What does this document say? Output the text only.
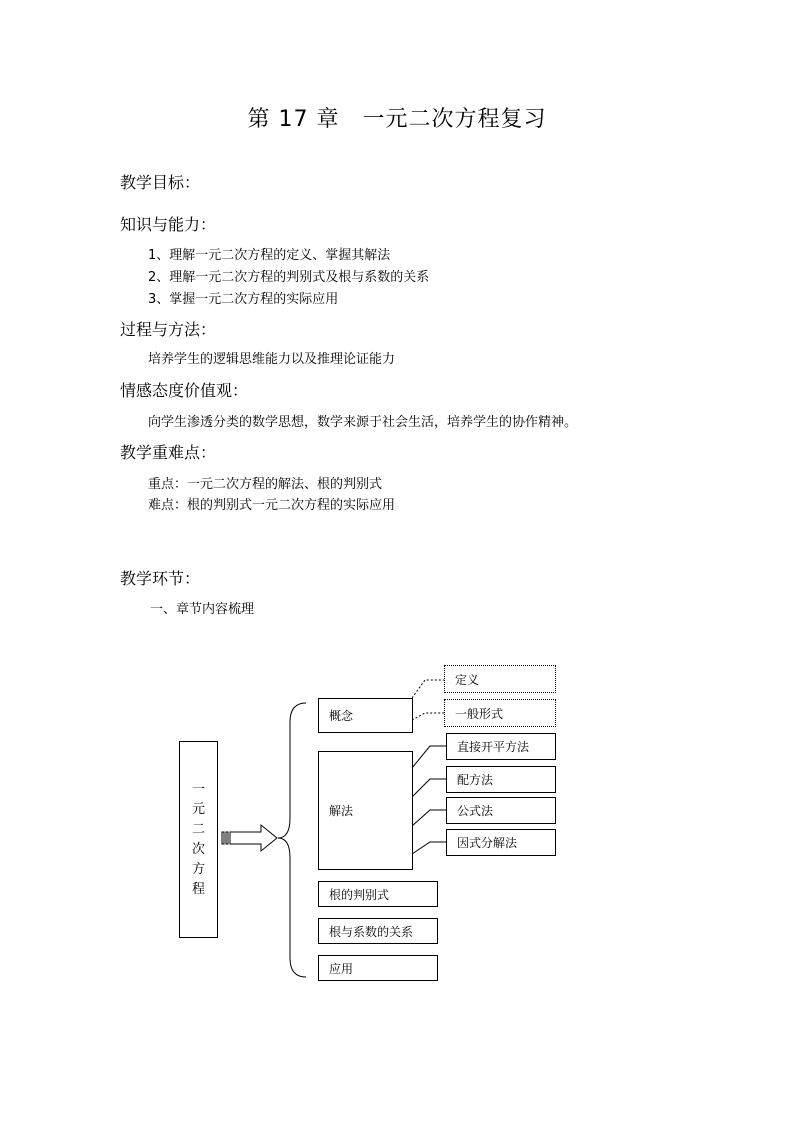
第 17 章　一元二次方程复习
教学目标：
知识与能力：
1、理解一元二次方程的定义、掌握其解法
2、理解一元二次方程的判别式及根与系数的关系
3、掌握一元二次方程的实际应用
过程与方法：
培养学生的逻辑思维能力以及推理论证能力
情感态度价值观：
向学生渗透分类的数学思想，数学来源于社会生活，培养学生的协作精神。
教学重难点：
重点：一元二次方程的解法、根的判别式
难点：根的判别式一元二次方程的实际应用
教学环节：
一、章节内容梳理
一元二次方程
概念
定义
一般形式
解法
直接开平方法
配方法
公式法
因式分解法
根的判别式
根与系数的关系
应用
